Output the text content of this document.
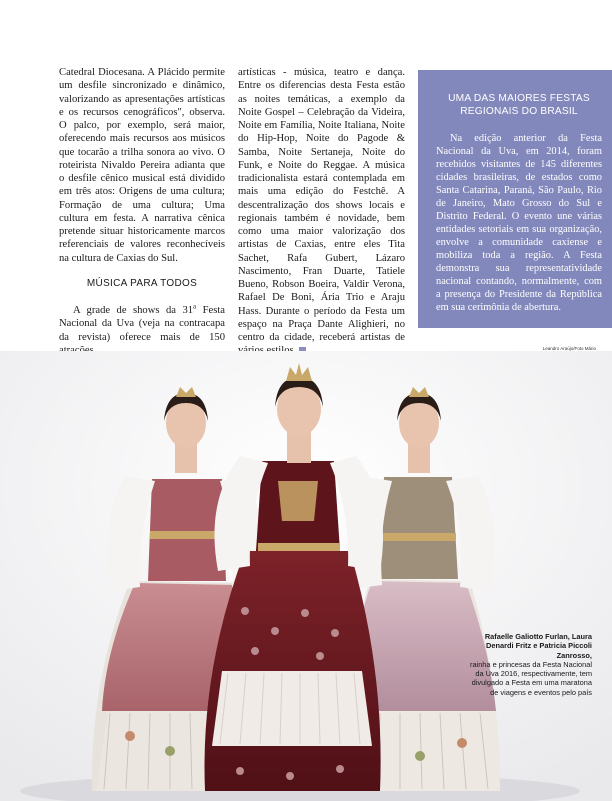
Catedral Diocesana. A Plácido permite um desfile sincronizado e dinâmico, valorizando as apresentações artísticas e os recursos cenográficos", observa. O palco, por exemplo, será maior, oferecendo mais recursos aos músicos que tocarão a trilha sonora ao vivo. O roteirista Nivaldo Pereira adianta que o desfile cênico musical está dividido em três atos: Origens de uma cultura; Formação de uma cultura; Uma cultura em festa. A narrativa cênica pretende situar historicamente marcos referenciais de valores reconhecíveis na cultura de Caxias do Sul.

MÚSICA PARA TODOS

A grade de shows da 31$^a$ Festa Nacional da Uva (veja na contracapa da revista) oferece mais de 150

artísticas - música, teatro e dança. Entre os diferencias desta Festa estão as noites temáticas, a exemplo da Noite Gospel – Celebração da Videira, Noite em Família, Noite Italiana, Noite do Hip-Hop, Noite do Pagode & Samba, Noite Sertaneja, Noite do Funk, e Noite do Reggae. A música tradicionalista estará contemplada em mais uma edição do Festchê. A descentralização dos shows locais e regionais também é novidade, bem como uma maior valorização dos artistas de Caxias, entre eles Tita Sachet, Rafa Gubert, Lázaro Nascimento, Fran Duarte, Tatiele Bueno, Robson Boeira, Valdir Verona, Rafael De Boni, Ária Trio e Araju Hass. Durante o período da Festa um espaço na Praça Dante Alighieri, no centro da cidade, receberá artistas de

UMA DAS MAIORES FESTAS REGIONAIS DO BRASIL

Na edição anterior da Festa Nacional da Uva, em 2014, foram recebidos visitantes de 145 diferentes cidades brasileiras, de estados como Santa Catarina, Paraná, São Paulo, Rio de Janeiro, Mato Grosso do Sul e Distrito Federal. O evento une várias entidades setoriais em sua organização, envolve a comunidade caxiense e mobiliza toda a região. A Festa demonstra sua representatividade nacional contando, normalmente, com a presença do Presidente da República em sua cerimônia de abertura.

Leandro Araújo/Foto Mário
Rafaelle Galiotto Furlan, Laura Denardi Fritz e Patricia Piccoli Zanrosso,
rainha e princesas da Festa Nacional da Uva 2016, respectivamente, tem divulgado a Festa em uma maratona de viagens e eventos pelo país
